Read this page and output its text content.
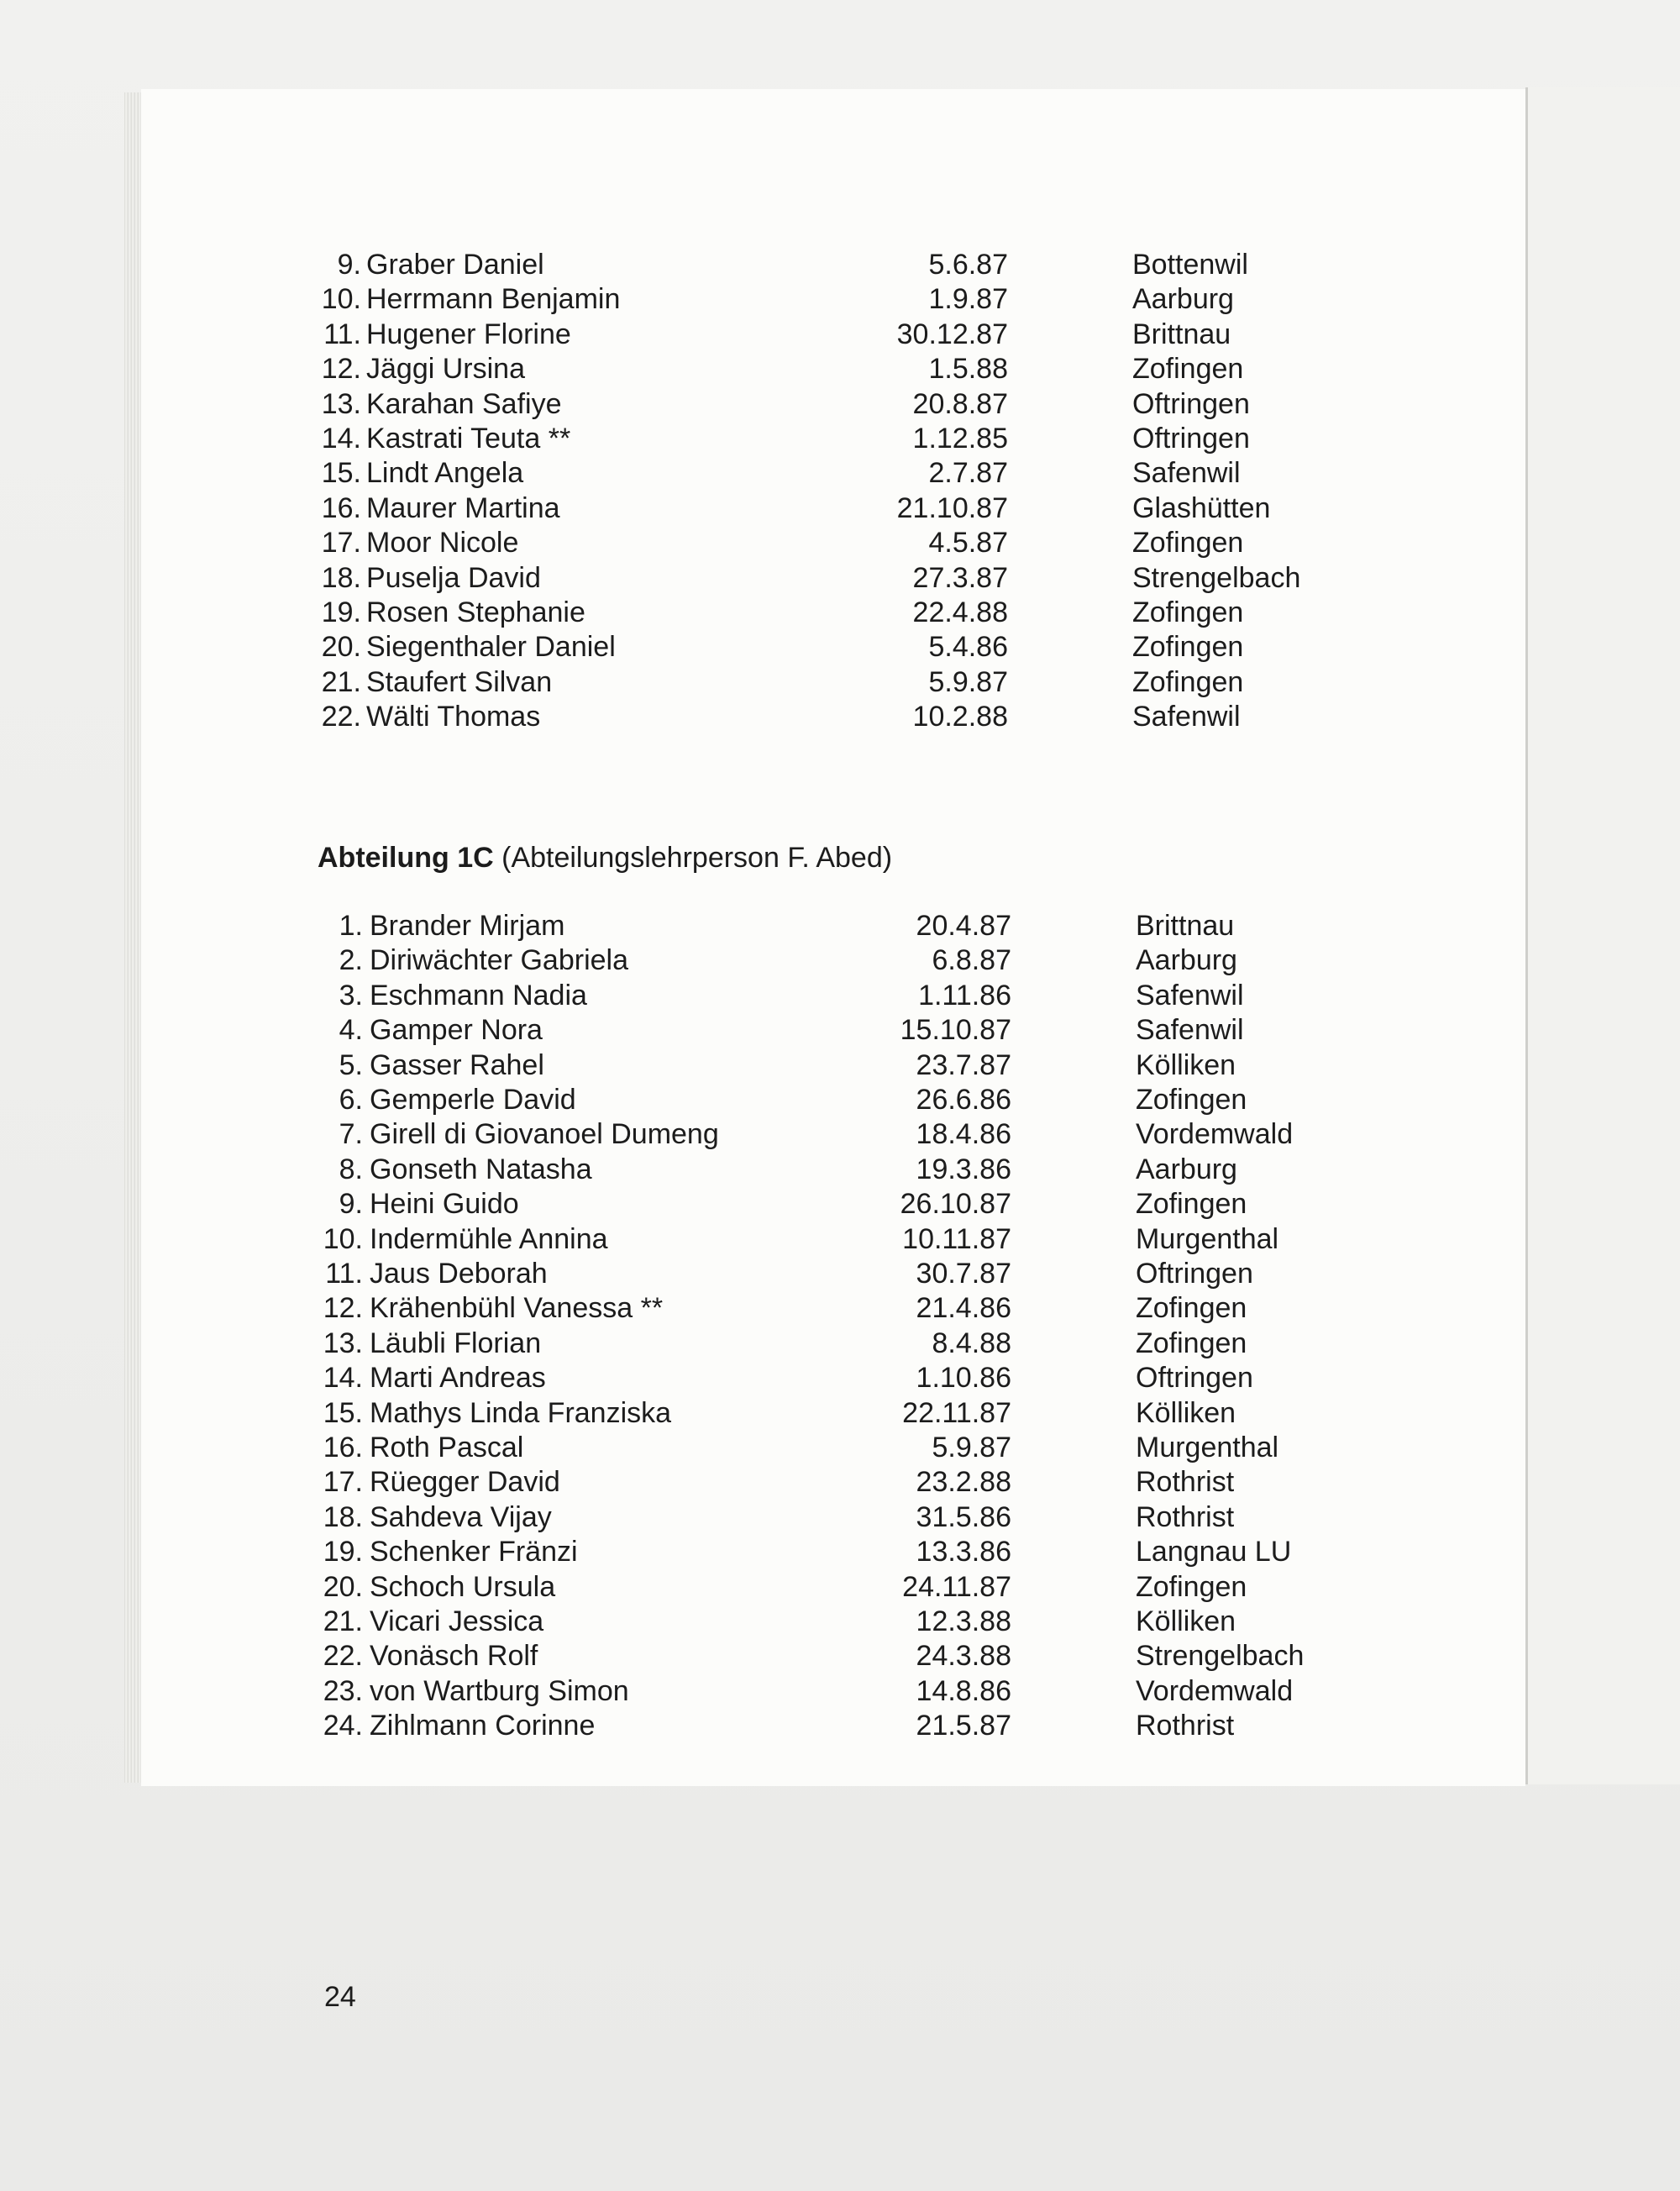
9. Graber Daniel	5.6.87	Bottenwil
10. Herrmann Benjamin	1.9.87	Aarburg
11. Hugener Florine	30.12.87	Brittnau
12. Jäggi Ursina	1.5.88	Zofingen
13. Karahan Safiye	20.8.87	Oftringen
14. Kastrati Teuta **	1.12.85	Oftringen
15. Lindt Angela	2.7.87	Safenwil
16. Maurer Martina	21.10.87	Glashütten
17. Moor Nicole	4.5.87	Zofingen
18. Puselja David	27.3.87	Strengelbach
19. Rosen Stephanie	22.4.88	Zofingen
20. Siegenthaler Daniel	5.4.86	Zofingen
21. Staufert Silvan	5.9.87	Zofingen
22. Wälti Thomas	10.2.88	Safenwil
Abteilung 1C (Abteilungslehrperson F. Abed)
1. Brander Mirjam	20.4.87	Brittnau
2. Diriwächter Gabriela	6.8.87	Aarburg
3. Eschmann Nadia	1.11.86	Safenwil
4. Gamper Nora	15.10.87	Safenwil
5. Gasser Rahel	23.7.87	Kölliken
6. Gemperle David	26.6.86	Zofingen
7. Girell di Giovanoel Dumeng	18.4.86	Vordemwald
8. Gonseth Natasha	19.3.86	Aarburg
9. Heini Guido	26.10.87	Zofingen
10. Indermühle Annina	10.11.87	Murgenthal
11. Jaus Deborah	30.7.87	Oftringen
12. Krähenbühl Vanessa **	21.4.86	Zofingen
13. Läubli Florian	8.4.88	Zofingen
14. Marti Andreas	1.10.86	Oftringen
15. Mathys Linda Franziska	22.11.87	Kölliken
16. Roth Pascal	5.9.87	Murgenthal
17. Rüegger David	23.2.88	Rothrist
18. Sahdeva Vijay	31.5.86	Rothrist
19. Schenker Fränzi	13.3.86	Langnau LU
20. Schoch Ursula	24.11.87	Zofingen
21. Vicari Jessica	12.3.88	Kölliken
22. Vonäsch Rolf	24.3.88	Strengelbach
23. von Wartburg Simon	14.8.86	Vordemwald
24. Zihlmann Corinne	21.5.87	Rothrist
24
